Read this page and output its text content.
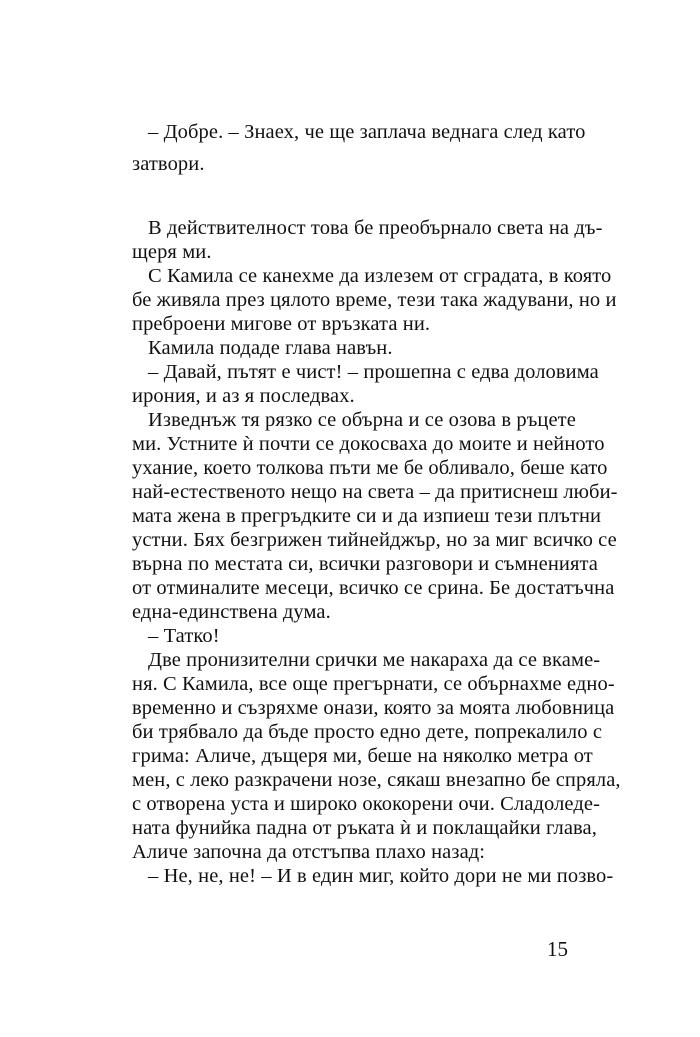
– Добре. – Знаех, че ще заплача веднага след като
затвори.
В действителност това бе преобърнало света на дъ-
щеря ми.
С Камила се канехме да излезем от сградата, в която
бе живяла през цялото време, тези така жадувани, но и
преброени мигове от връзката ни.
Камила подаде глава навън.
– Давай, пътят е чист! – прошепна с едва доловима
ирония, и аз я последвах.
Изведнъж тя рязко се обърна и се озова в ръцете
ми. Устните ѝ почти се докосваха до моите и нейното
ухание, което толкова пъти ме бе обливало, беше като
най-естественото нещо на света – да притиснеш люби-
мата жена в прегръдките си и да изпиеш тези плътни
устни. Бях безгрижен тийнейджър, но за миг всичко се
върна по местата си, всички разговори и съмненията
от отминалите месеци, всичко се срина. Бе достатъчна
една-единствена дума.
– Татко!
Две пронизителни срички ме накараха да се вкаме-
ня. С Камила, все още прегърнати, се обърнахме едно-
временно и съзряхме онази, която за моята любовница
би трябвало да бъде просто едно дете, попрекалило с
грима: Аличе, дъщеря ми, беше на няколко метра от
мен, с леко разкрачени нозе, сякаш внезапно бе спряла,
с отворена уста и широко ококорени очи. Сладоледе-
ната фунийка падна от ръката ѝ и поклащайки глава,
Аличе започна да отстъпва плахо назад:
– Не, не, не! – И в един миг, който дори не ми позво-
15
